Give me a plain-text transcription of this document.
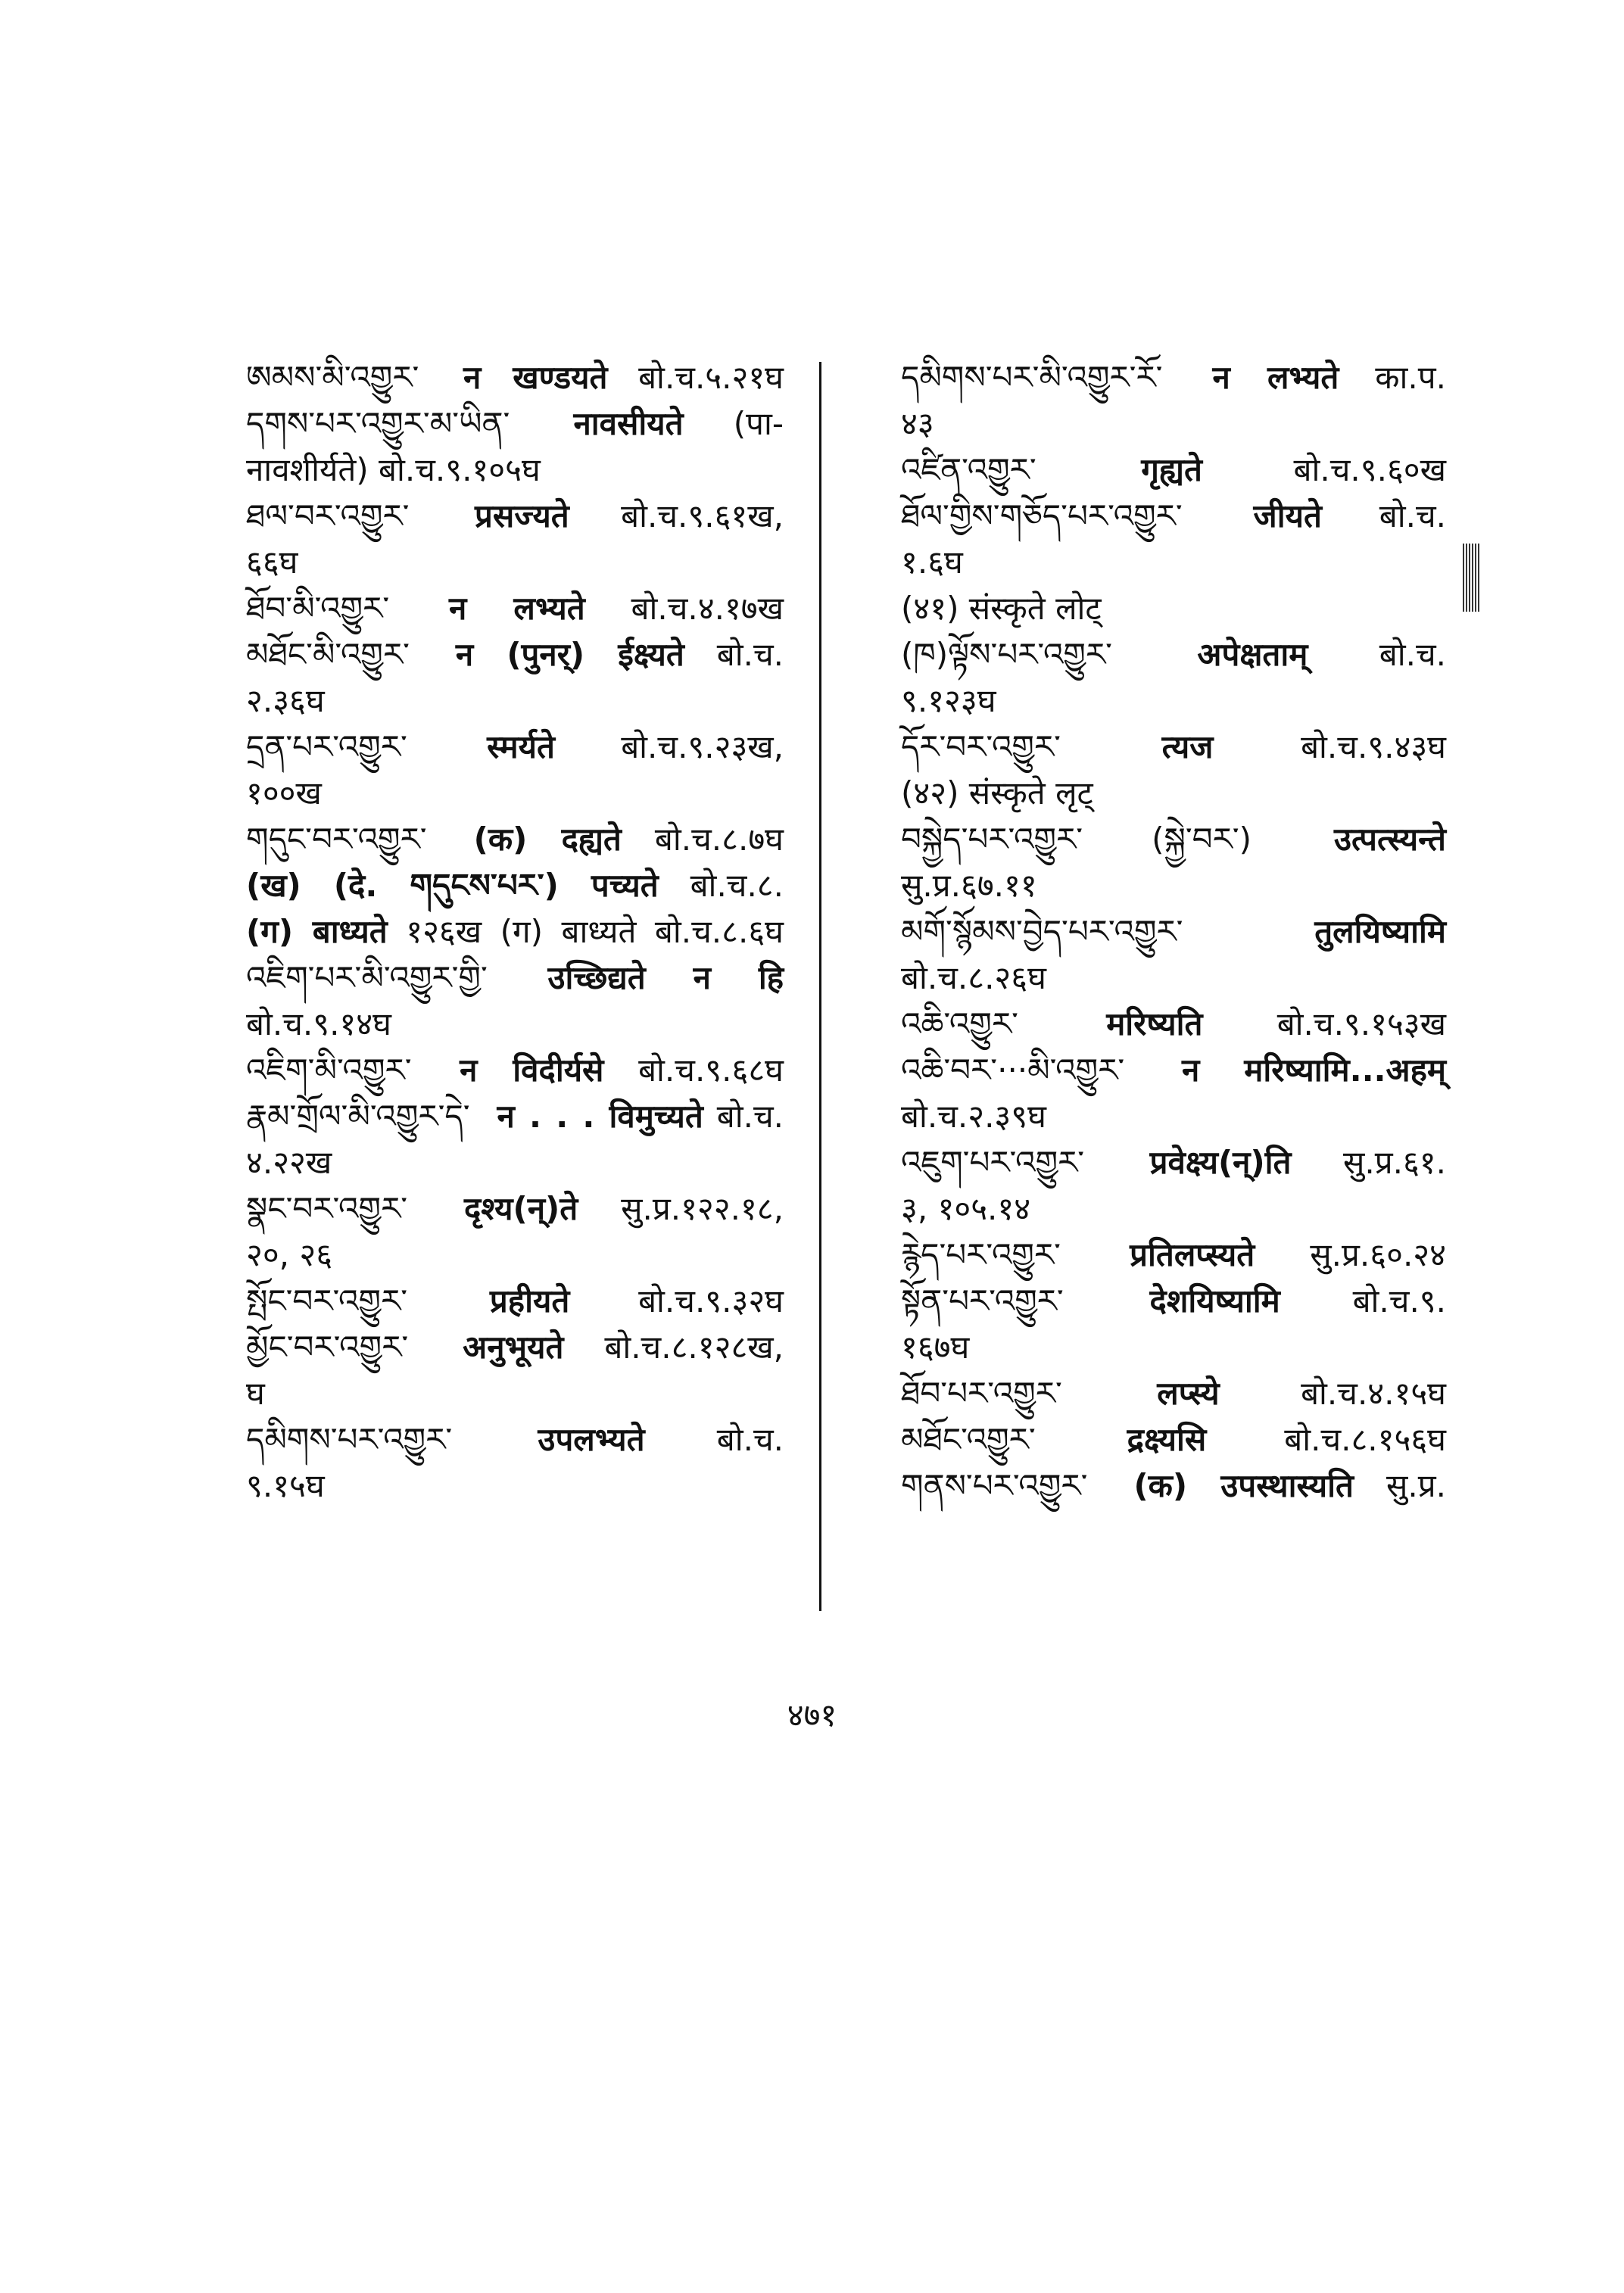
ཨམས་མི་འགྱུར་ न खण्डयते बो.च.५.२१घ
དགས་པར་འགྱུར་མ་ཡིན་ नावसीयते (पा-
नावशीर्यते) बो.च.९.१०५घ
ཐལ་བར་འགྱུར་ प्रसज्यते बो.च.९.६१ख,
६६घ
ཐོབ་མི་འགྱུར་ न लभ्यते बो.च.४.१७ख
མཐོང་མི་འགྱུར་ न (पुनर्) ईक्ष्यते बो.च.
२.३६घ
དྲན་པར་འགྱུར་	स्मर्यते बो.च.९.२३ख,
१००ख
གདུང་བར་འགྱུར་ (क) दह्यते बो.च.८.७घ
(ख) (दे. གདུངས་པར་) पच्यते बो.च.८.
(ग) बाध्यते १२६ख (ग) बाध्यते बो.च.८.६घ
འཇིག་པར་མི་འགྱུར་གྱི་ उच्छिद्यते न हि
बो.च.९.१४घ
འཇིག་མི་འགྱུར་ न विदीर्यसे बो.च.९.६८घ
རྣམ་གྲོལ་མི་འགྱུར་དེ་ न . . . विमुच्यते बो.च.
४.२२ख
སྣང་བར་འགྱུར་ दृश्य(न्)ते सु.प्र.१२२.१८,
२०, २६
སྤོང་བར་འགྱུར་	प्रहीयते बो.च.९.३२घ
མྱོང་བར་འགྱུར་ अनुभूयते बो.च.८.१२८ख,
घ
དམིགས་པར་འགྱུར་	उपलभ्यते बो.च.
९.१५घ
དམིགས་པར་མི་འགྱུར་རོ་ न लभ्यते का.प.
४३
འཛིན་འགྱུར་	गृह्यते	बो.च.९.६०ख
ཐོལ་གྱིས་གཅོད་པར་འགྱུར་ जीयते बो.च.
१.६घ
(४१) संस्कृते लोट्
(ཁ)ལྟོས་པར་འགྱུར་	अपेक्षताम् बो.च.
९.१२३घ
དོར་བར་འགྱུར་	त्यज	बो.च.९.४३घ
(४२) संस्कृते लृट्
བསྐྱེད་པར་འགྱུར་ (སྐྱེ་བར་)	उत्पत्स्यन्ते
सु.प्र.६७.११
མགོ་སྙོམས་བྱེད་པར་འགྱུར་	तुलयिष्यामि
बो.च.८.२६घ
འཆི་འགྱུར་	मरिष्यति बो.च.९.१५३ख
འཆི་བར་···མི་འགྱུར་ न मरिष्यामि...अहम्
बो.च.२.३९घ
འཇུག་པར་འགྱུར་ प्रवेक्ष्य(न्)ति सु.प्र.६१.
३, १०५.१४
རྙེད་པར་འགྱུར་ प्रतिलप्स्यते सु.प्र.६०.२४
སྟོན་པར་འགྱུར་	देशयिष्यामि बो.च.९.
१६७घ
ཐོབ་པར་འགྱུར་	लप्स्ये	बो.च.४.१५घ
མཐོང་འགྱུར་	द्रक्ष्यसि बो.च.८.१५६घ
གནས་པར་འགྱུར་ (क) उपस्थास्यति सु.प्र.
४७१
